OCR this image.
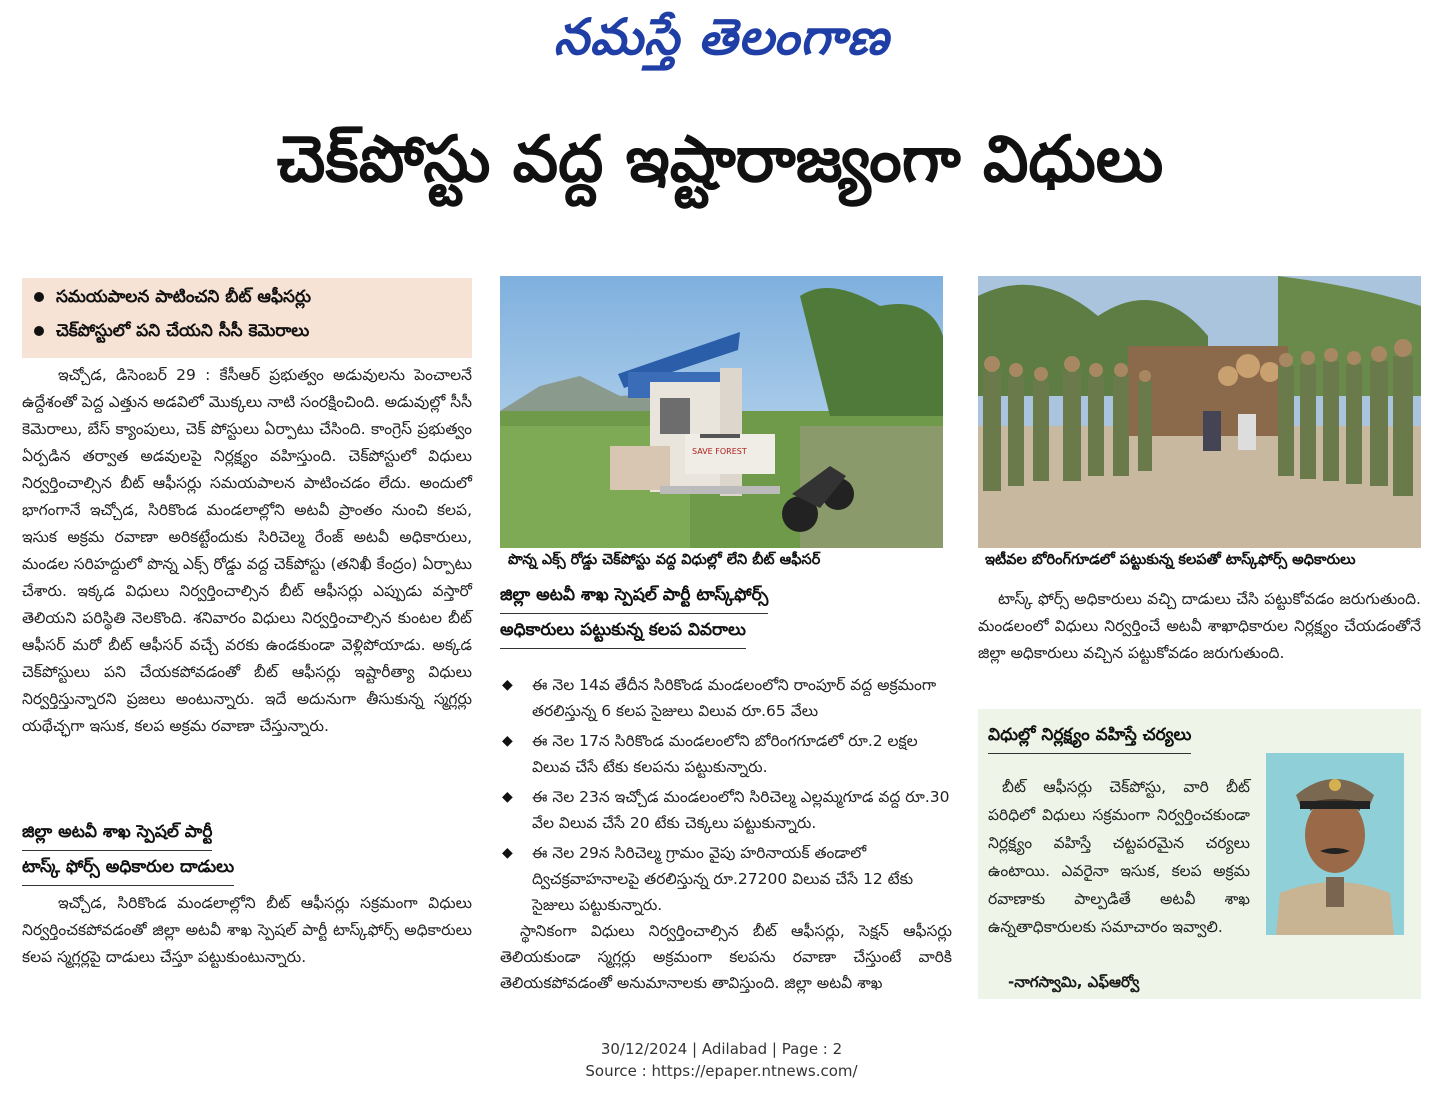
నమస్తే తెలంగాణ
చెక్‌పోస్టు వద్ద ఇష్టారాజ్యంగా విధులు
సమయపాలన పాటించని బీట్ ఆఫీసర్లు
చెక్‌పోస్టులో పని చేయని సీసీ కెమెరాలు
ఇచ్చోడ, డిసెంబర్ 29 : కేసీఆర్ ప్రభుత్వం అడువులను పెంచాలనే ఉద్దేశంతో పెద్ద ఎత్తున అడవిలో మొక్కలు నాటి సంరక్షించింది. అడువుల్లో సీసీ కెమెరాలు, బేస్ క్యాంపులు, చెక్ పోస్టులు ఏర్పాటు చేసింది. కాంగ్రెస్ ప్రభుత్వం ఏర్పడిన తర్వాత అడవులపై నిర్లక్ష్యం వహిస్తుంది. చెక్‌పోస్టులో విధులు నిర్వర్తించాల్సిన బీట్ ఆఫీసర్లు సమయపాలన పాటించడం లేదు. అందులో భాగంగానే ఇచ్చోడ, సిరికొండ మండలాల్లోని అటవీ ప్రాంతం నుంచి కలప, ఇసుక అక్రమ రవాణా అరికట్టేందుకు సిరిచెల్మ రేంజ్ అటవీ అధికారులు, మండల సరిహద్దులో పొన్న ఎక్స్ రోడ్డు వద్ద చెక్‌పోస్టు (తనిఖీ కేంద్రం) ఏర్పాటు చేశారు. ఇక్కడ విధులు నిర్వర్తించాల్సిన బీట్ ఆఫీసర్లు ఎప్పుడు వస్తారో తెలియని పరిస్థితి నెలకొంది. శనివారం విధులు నిర్వర్తించాల్సిన కుంటల బీట్ ఆఫీసర్ మరో బీట్ ఆఫీసర్ వచ్చే వరకు ఉండకుండా వెళ్లిపోయాడు. అక్కడ చెక్‌పోస్టులు పని చేయకపోవడంతో బీట్ ఆఫీసర్లు ఇష్టారీత్యా విధులు నిర్వర్తిస్తున్నారని ప్రజలు అంటున్నారు. ఇదే అదునుగా తీసుకున్న స్మగ్లర్లు యథేచ్ఛగా ఇసుక, కలప అక్రమ రవాణా చేస్తున్నారు.
జిల్లా అటవీ శాఖ స్పెషల్ పార్టీ
టాస్క్ ఫోర్స్ అధికారుల దాడులు
ఇచ్చోడ, సిరికొండ మండలాల్లోని బీట్ ఆఫీసర్లు సక్రమంగా విధులు నిర్వర్తించకపోవడంతో జిల్లా అటవీ శాఖ స్పెషల్ పార్టీ టాస్క్‌ఫోర్స్ అధికారులు కలప స్మగ్లర్లపై దాడులు చేస్తూ పట్టుకుంటున్నారు.
SAVE FOREST
పొన్న ఎక్స్ రోడ్డు చెక్‌పోస్టు వద్ద విధుల్లో లేని బీట్ ఆఫీసర్
జిల్లా అటవీ శాఖ స్పెషల్ పార్టీ టాస్క్‌ఫోర్స్
అధికారులు పట్టుకున్న కలప వివరాలు
◆ ఈ నెల 14వ తేదీన సిరికొండ మండలంలోని రాంపూర్ వద్ద అక్రమంగా తరలిస్తున్న 6 కలప సైజులు విలువ రూ.65 వేలు
◆ ఈ నెల 17న సిరికొండ మండలంలోని బోరింగగూడలో రూ.2 లక్షల విలువ చేసే టేకు కలపను పట్టుకున్నారు.
◆ ఈ నెల 23న ఇచ్చోడ మండలంలోని సిరిచెల్మ ఎల్లమ్మగూడ వద్ద రూ.30 వేల విలువ చేసే 20 టేకు చెక్కలు పట్టుకున్నారు.
◆ ఈ నెల 29న సిరిచెల్మ గ్రామం వైపు హరినాయక్ తండాలో ద్విచక్రవాహనాలపై తరలిస్తున్న రూ.27200 విలువ చేసే 12 టేకు సైజులు పట్టుకున్నారు.
స్థానికంగా విధులు నిర్వర్తించాల్సిన బీట్ ఆఫీసర్లు, సెక్షన్ ఆఫీసర్లు తెలియకుండా స్మగ్లర్లు అక్రమంగా కలపను రవాణా చేస్తుంటే వారికి తెలియకపోవడంతో అనుమానాలకు తావిస్తుంది. జిల్లా అటవీ శాఖ
ఇటీవల బోరింగ్‌గూడలో పట్టుకున్న కలపతో టాస్క్‌ఫోర్స్ అధికారులు
టాస్క్ ఫోర్స్ అధికారులు వచ్చి దాడులు చేసి పట్టుకోవడం జరుగుతుంది. మండలంలో విధులు నిర్వర్తించే అటవీ శాఖాధికారుల నిర్లక్ష్యం చేయడంతోనే జిల్లా అధికారులు వచ్చిన పట్టుకోవడం జరుగుతుంది.
విధుల్లో నిర్లక్ష్యం వహిస్తే చర్యలు
బీట్ ఆఫీసర్లు చెక్‌పోస్టు, వారి బీట్ పరిధిలో విధులు సక్రమంగా నిర్వర్తించకుండా నిర్లక్ష్యం వహిస్తే చట్టపరమైన చర్యలు ఉంటాయి. ఎవరైనా ఇసుక, కలప అక్రమ రవాణాకు పాల్పడితే అటవీ శాఖ ఉన్నతాధికారులకు సమాచారం ఇవ్వాలి.
-నాగస్వామి, ఎఫ్ఆర్వో
30/12/2024 | Adilabad | Page : 2
Source : https://epaper.ntnews.com/
